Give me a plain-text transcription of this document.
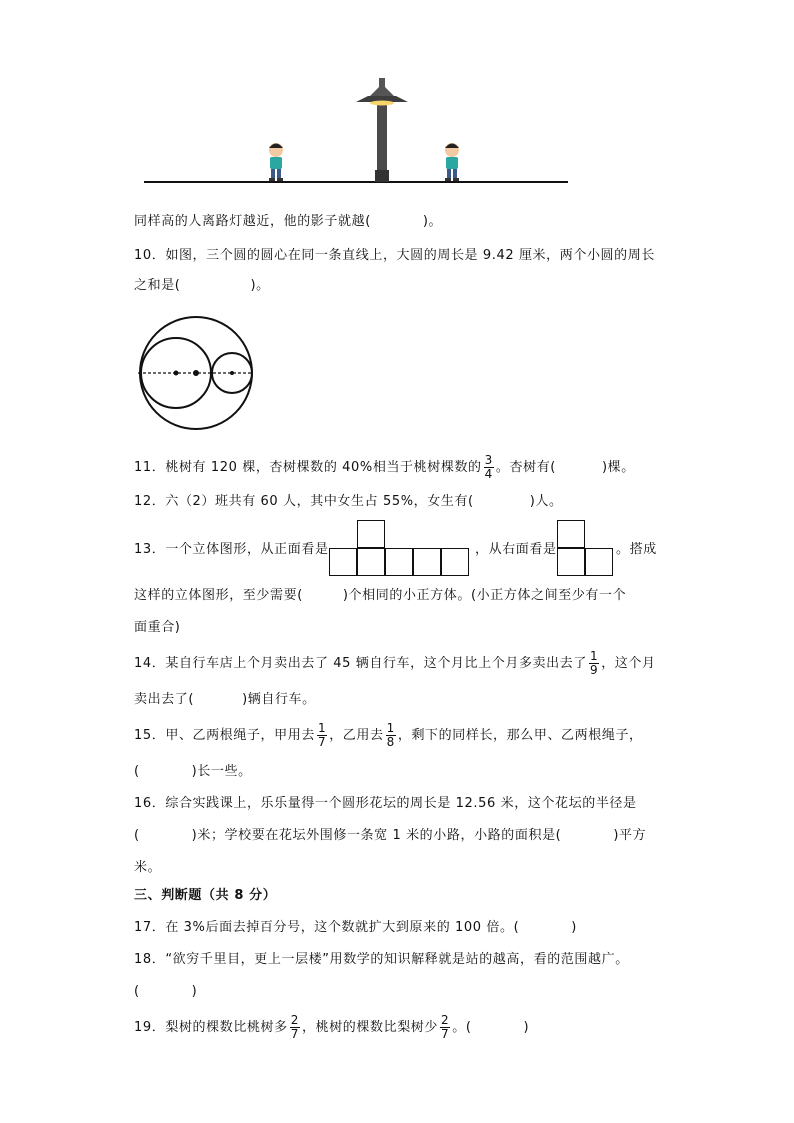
同样高的人离路灯越近，他的影子就越(	)。
10．如图，三个圆的圆心在同一条直线上，大圆的周长是 9.42 厘米，两个小圆的周长
之和是(	)。
11．桃树有 120 棵，杏树棵数的 40%相当于桃树棵数的 $\frac{3}{4}$ 。杏树有(	)棵。
12．六（2）班共有 60 人，其中女生占 55%，女生有(	)人。
13．一个立体图形，从正面看是	，从右面看是	。搭成
这样的立体图形，至少需要(	)个相同的小正方体。(小正方体之间至少有一个
面重合)
14．某自行车店上个月卖出去了 45 辆自行车，这个月比上个月多卖出去了 $\frac{1}{9}$ ，这个月
卖出去了(	)辆自行车。
15．甲、乙两根绳子，甲用去 $\frac{1}{7}$ ，乙用去 $\frac{1}{8}$ ，剩下的同样长，那么甲、乙两根绳子，
(	)长一些。
16．综合实践课上，乐乐量得一个圆形花坛的周长是 12.56 米，这个花坛的半径是
(	)米；学校要在花坛外围修一条宽 1 米的小路，小路的面积是(	)平方
米。
三、判断题（共 8 分）
17．在 3%后面去掉百分号，这个数就扩大到原来的 100 倍。(	)
18．“欲穷千里目，更上一层楼”用数学的知识解释就是站的越高，看的范围越广。
(	)
19．梨树的棵数比桃树多 $\frac{2}{7}$ ，桃树的棵数比梨树少 $\frac{2}{7}$ 。(	)
